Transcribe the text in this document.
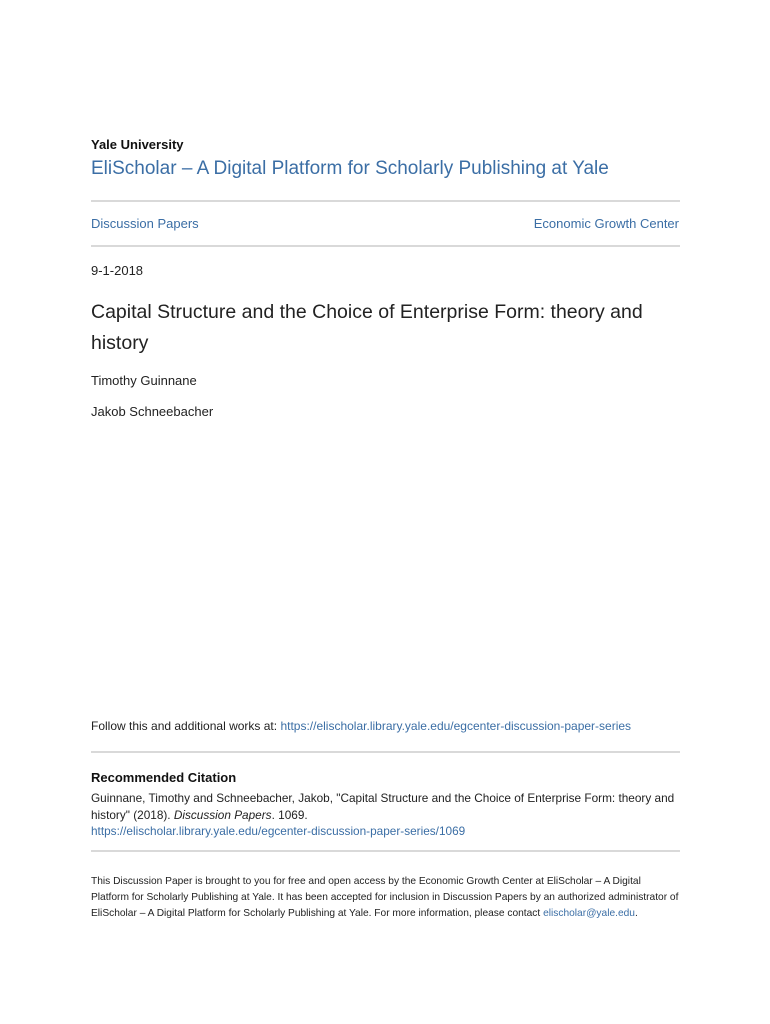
Yale University
EliScholar – A Digital Platform for Scholarly Publishing at Yale
Discussion Papers	Economic Growth Center
9-1-2018
Capital Structure and the Choice of Enterprise Form: theory and history
Timothy Guinnane
Jakob Schneebacher
Follow this and additional works at: https://elischolar.library.yale.edu/egcenter-discussion-paper-series
Recommended Citation
Guinnane, Timothy and Schneebacher, Jakob, "Capital Structure and the Choice of Enterprise Form: theory and history" (2018). Discussion Papers. 1069.
https://elischolar.library.yale.edu/egcenter-discussion-paper-series/1069
This Discussion Paper is brought to you for free and open access by the Economic Growth Center at EliScholar – A Digital Platform for Scholarly Publishing at Yale. It has been accepted for inclusion in Discussion Papers by an authorized administrator of EliScholar – A Digital Platform for Scholarly Publishing at Yale. For more information, please contact elischolar@yale.edu.
